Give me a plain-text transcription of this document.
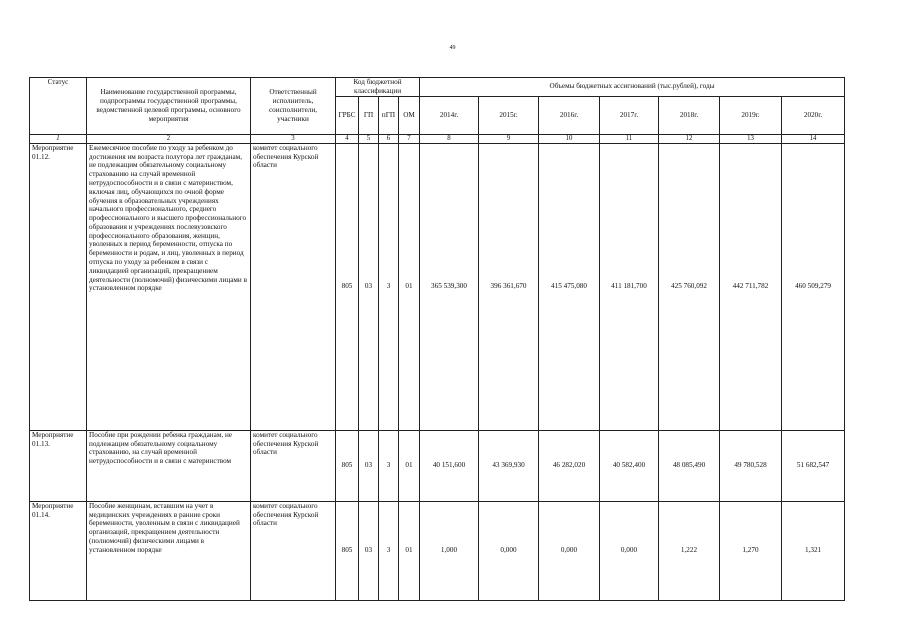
49
Статус	Наименование государственной программы, подпрограммы государственной программы, ведомственной целевой программы, основного мероприятия	Ответственный исполнитель, соисполнители, участники	Код бюджетной классификации				Объемы бюджетных ассигнований (тыс.рублей), годы						
			ГРБС	ГП	пГП	ОМ	2014г.	2015г.	2016г.	2017г.	2018г.	2019г.	2020г.
1	2	3	4	5	6	7	8	9	10	11	12	13	14
Мероприятие 01.12.	Ежемесячное пособие по уходу за ребенком до достижения им возраста полутора лет гражданам, не подлежащим обязательному социальному страхованию на случай временной нетрудоспособности и в связи с материнством, включая лиц, обучающихся по очной форме обучения в образовательных учреждениях начального профессионального, среднего профессионального и высшего профессионального образования и учреждениях послевузовского профессионального образования, женщин, уволенных в период беременности, отпуска по беременности и родам, и лиц, уволенных в период отпуска по уходу за ребенком в связи с ликвидацией организаций, прекращением деятельности (полномочий) физическими лицами в установленном порядке	комитет социального обеспечения Курской области	805	03	3	01	365 539,300	396 361,670	415 475,080	411 181,700	425 760,092	442 711,782	460 509,279
Мероприятие 01.13.	Пособие при рождении ребенка гражданам, не подлежащим обязательному социальному страхованию, на случай временной нетрудоспособности и в связи с материнством	комитет социального обеспечения Курской области	805	03	3	01	40 151,600	43 369,930	46 282,020	40 582,400	48 085,490	49 780,528	51 682,547
Мероприятие 01.14.	Пособие женщинам, вставшим на учет в медицинских учреждениях в ранние сроки беременности, уволенным в связи с ликвидацией организаций, прекращением деятельности (полномочий) физическими лицами в установленном порядке	комитет социального обеспечения Курской области	805	03	3	01	1,000	0,000	0,000	0,000	1,222	1,270	1,321
